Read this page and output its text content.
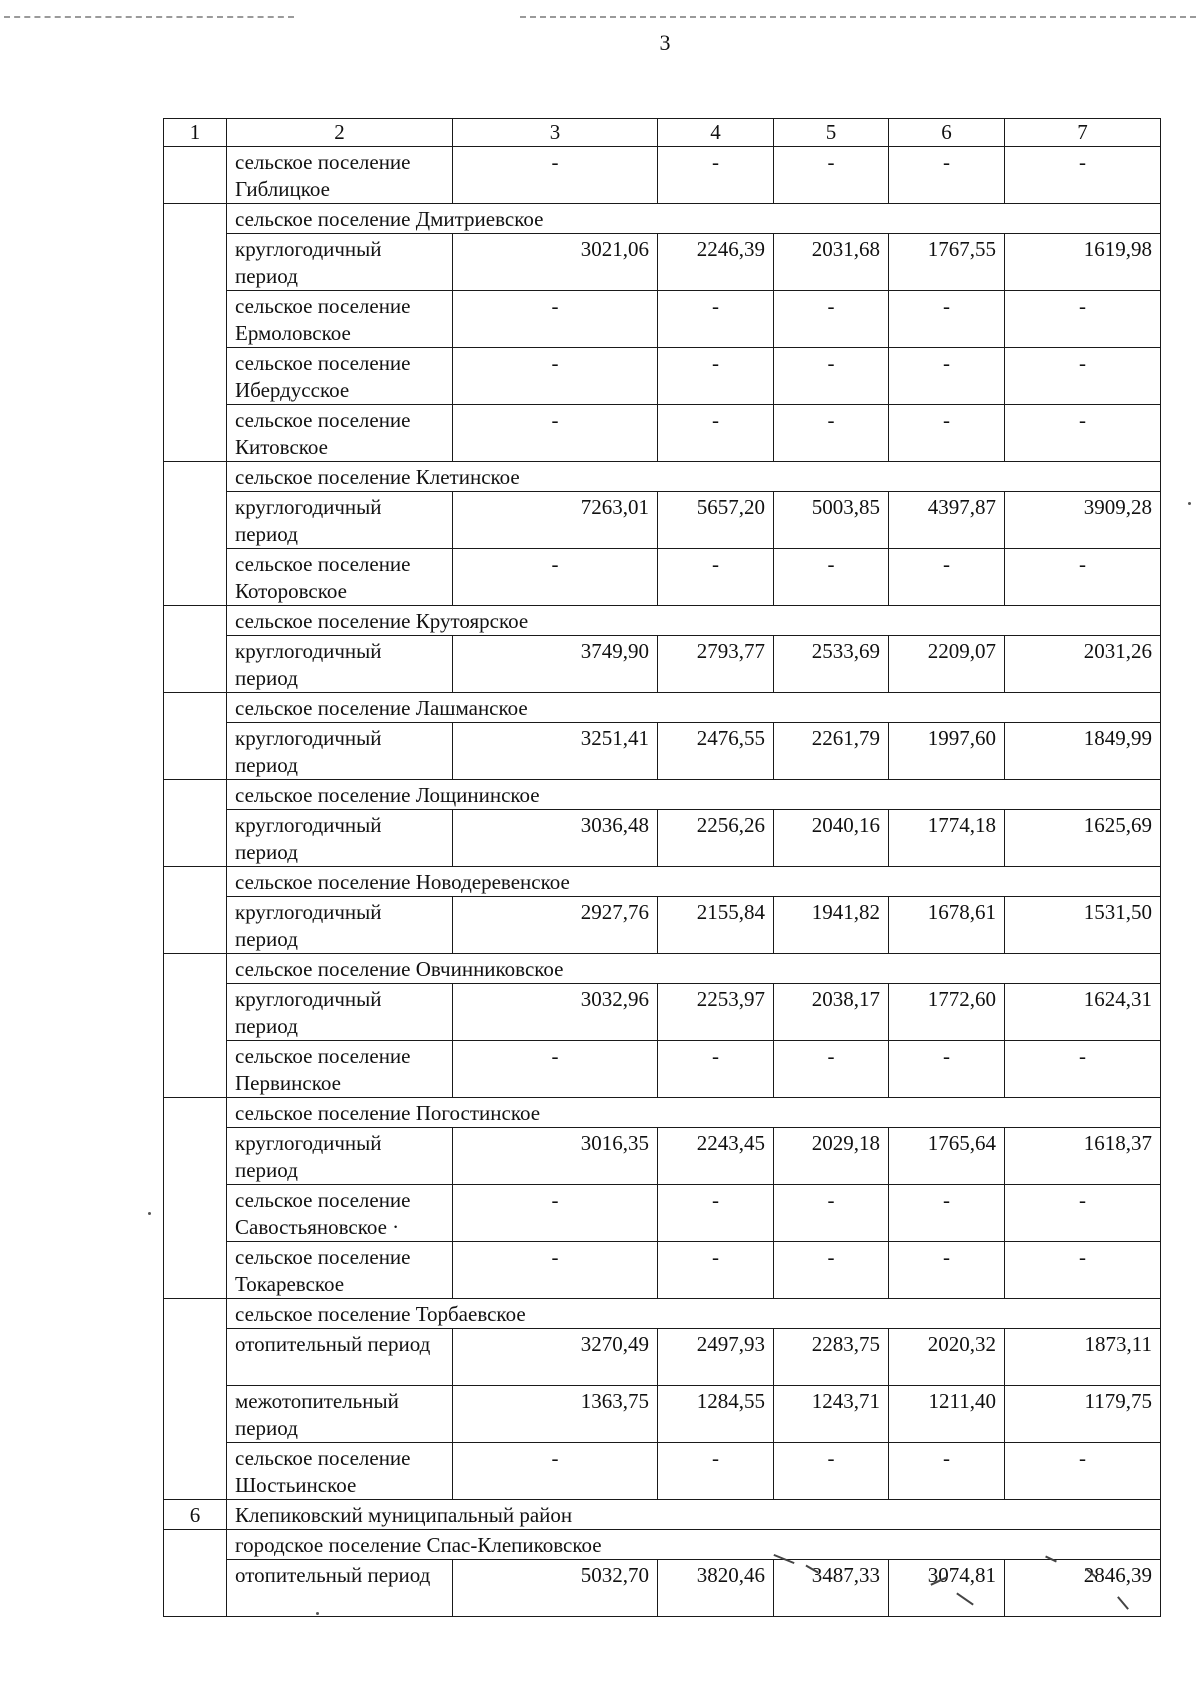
3
1	2	3	4	5	6	7
	сельское поселение Гиблицкое	-	-	-	-	-
	сельское поселение Дмитриевское					
	круглогодичный период	3021,06	2246,39	2031,68	1767,55	1619,98
	сельское поселение Ермоловское	-	-	-	-	-
	сельское поселение Ибердусское	-	-	-	-	-
	сельское поселение Китовское	-	-	-	-	-
	сельское поселение Клетинское					
	круглогодичный период	7263,01	5657,20	5003,85	4397,87	3909,28
	сельское поселение Которовское	-	-	-	-	-
	сельское поселение Крутоярское					
	круглогодичный период	3749,90	2793,77	2533,69	2209,07	2031,26
	сельское поселение Лашманское					
	круглогодичный период	3251,41	2476,55	2261,79	1997,60	1849,99
	сельское поселение Лощининское					
	круглогодичный период	3036,48	2256,26	2040,16	1774,18	1625,69
	сельское поселение Новодеревенское					
	круглогодичный период	2927,76	2155,84	1941,82	1678,61	1531,50
	сельское поселение Овчинниковское					
	круглогодичный период	3032,96	2253,97	2038,17	1772,60	1624,31
	сельское поселение Первинское	-	-	-	-	-
	сельское поселение Погостинское					
	круглогодичный период	3016,35	2243,45	2029,18	1765,64	1618,37
	сельское поселение Савостьяновское ·	-	-	-	-	-
	сельское поселение Токаревское	-	-	-	-	-
	сельское поселение Торбаевское					
	отопительный период	3270,49	2497,93	2283,75	2020,32	1873,11
	межотопительный период	1363,75	1284,55	1243,71	1211,40	1179,75
	сельское поселение Шостьинское	-	-	-	-	-
6	Клепиковский муниципальный район					
	городское поселение Спас-Клепиковское					
	отопительный период	5032,70	3820,46	3487,33	3074,81	2846,39
